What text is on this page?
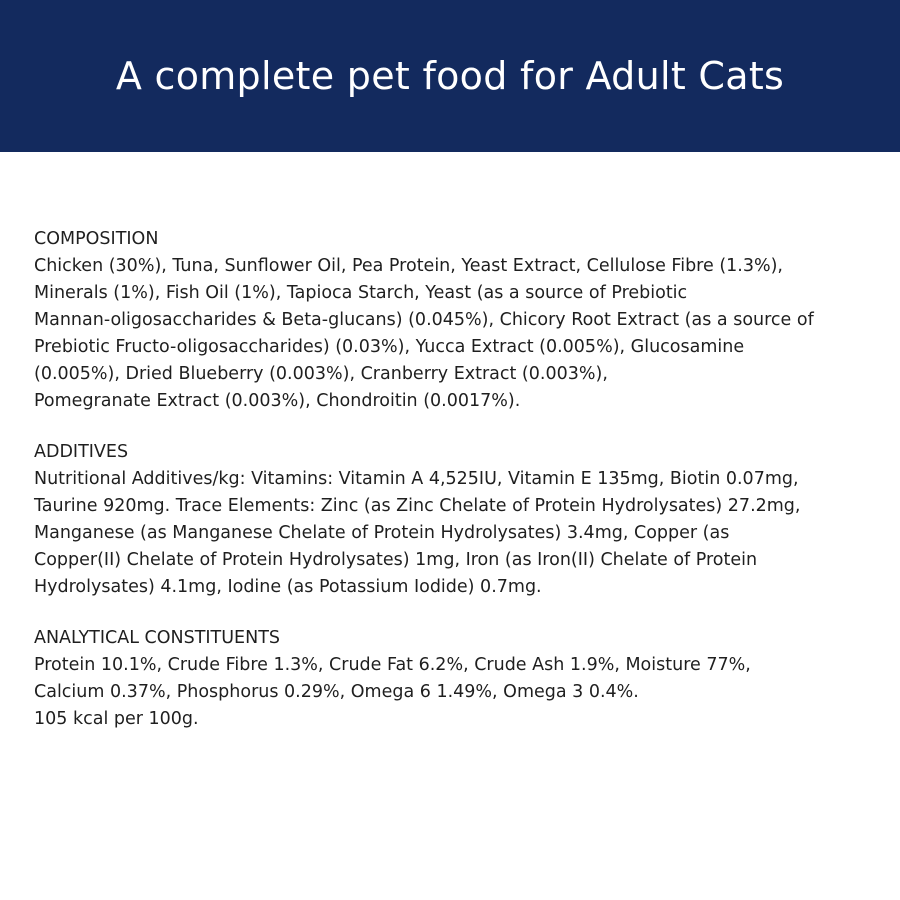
A complete pet food for Adult Cats

COMPOSITION

Chicken (30%), Tuna, Sunflower Oil, Pea Protein, Yeast Extract, Cellulose Fibre (1.3%),

Minerals (1%), Fish Oil (1%), Tapioca Starch, Yeast (as a source of Prebiotic

Mannan-oligosaccharides & Beta-glucans) (0.045%), Chicory Root Extract (as a source of

Prebiotic Fructo-oligosaccharides) (0.03%), Yucca Extract (0.005%), Glucosamine

(0.005%), Dried Blueberry (0.003%), Cranberry Extract (0.003%),

Pomegranate Extract (0.003%), Chondroitin (0.0017%).

ADDITIVES

Nutritional Additives/kg: Vitamins: Vitamin A 4,525IU, Vitamin E 135mg, Biotin 0.07mg,

Taurine 920mg. Trace Elements: Zinc (as Zinc Chelate of Protein Hydrolysates) 27.2mg,

Manganese (as Manganese Chelate of Protein Hydrolysates) 3.4mg, Copper (as

Copper(II) Chelate of Protein Hydrolysates) 1mg, Iron (as Iron(II) Chelate of Protein

Hydrolysates) 4.1mg, Iodine (as Potassium Iodide) 0.7mg.

ANALYTICAL CONSTITUENTS

Protein 10.1%, Crude Fibre 1.3%, Crude Fat 6.2%, Crude Ash 1.9%, Moisture 77%,

Calcium 0.37%, Phosphorus 0.29%, Omega 6 1.49%, Omega 3 0.4%.

105 kcal per 100g.
